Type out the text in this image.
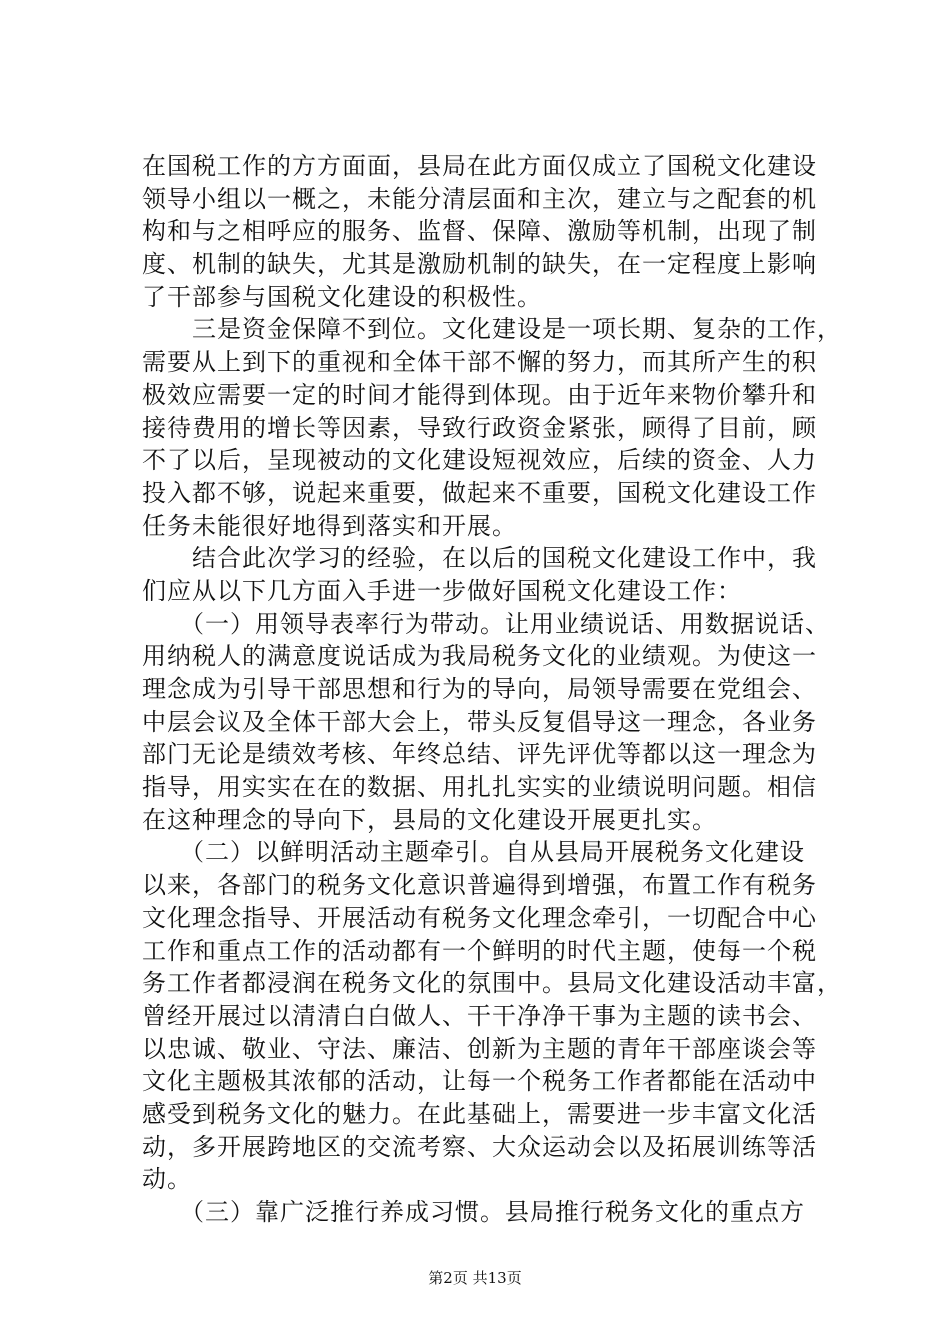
在国税工作的方方面面，县局在此方面仅成立了国税文化建设
领导小组以一概之，未能分清层面和主次，建立与之配套的机
构和与之相呼应的服务、监督、保障、激励等机制，出现了制
度、机制的缺失，尤其是激励机制的缺失，在一定程度上影响
了干部参与国税文化建设的积极性。
　　三是资金保障不到位。文化建设是一项长期、复杂的工作，
需要从上到下的重视和全体干部不懈的努力，而其所产生的积
极效应需要一定的时间才能得到体现。由于近年来物价攀升和
接待费用的增长等因素，导致行政资金紧张，顾得了目前，顾
不了以后，呈现被动的文化建设短视效应，后续的资金、人力
投入都不够，说起来重要，做起来不重要，国税文化建设工作
任务未能很好地得到落实和开展。
　　结合此次学习的经验，在以后的国税文化建设工作中，我
们应从以下几方面入手进一步做好国税文化建设工作：
　　（一）用领导表率行为带动。让用业绩说话、用数据说话、
用纳税人的满意度说话成为我局税务文化的业绩观。为使这一
理念成为引导干部思想和行为的导向，局领导需要在党组会、
中层会议及全体干部大会上，带头反复倡导这一理念，各业务
部门无论是绩效考核、年终总结、评先评优等都以这一理念为
指导，用实实在在的数据、用扎扎实实的业绩说明问题。相信
在这种理念的导向下，县局的文化建设开展更扎实。
　　（二）以鲜明活动主题牵引。自从县局开展税务文化建设
以来，各部门的税务文化意识普遍得到增强，布置工作有税务
文化理念指导、开展活动有税务文化理念牵引，一切配合中心
工作和重点工作的活动都有一个鲜明的时代主题，使每一个税
务工作者都浸润在税务文化的氛围中。县局文化建设活动丰富，
曾经开展过以清清白白做人、干干净净干事为主题的读书会、
以忠诚、敬业、守法、廉洁、创新为主题的青年干部座谈会等
文化主题极其浓郁的活动，让每一个税务工作者都能在活动中
感受到税务文化的魅力。在此基础上，需要进一步丰富文化活
动，多开展跨地区的交流考察、大众运动会以及拓展训练等活
动。
　　（三）靠广泛推行养成习惯。县局推行税务文化的重点方
第2页 共13页
